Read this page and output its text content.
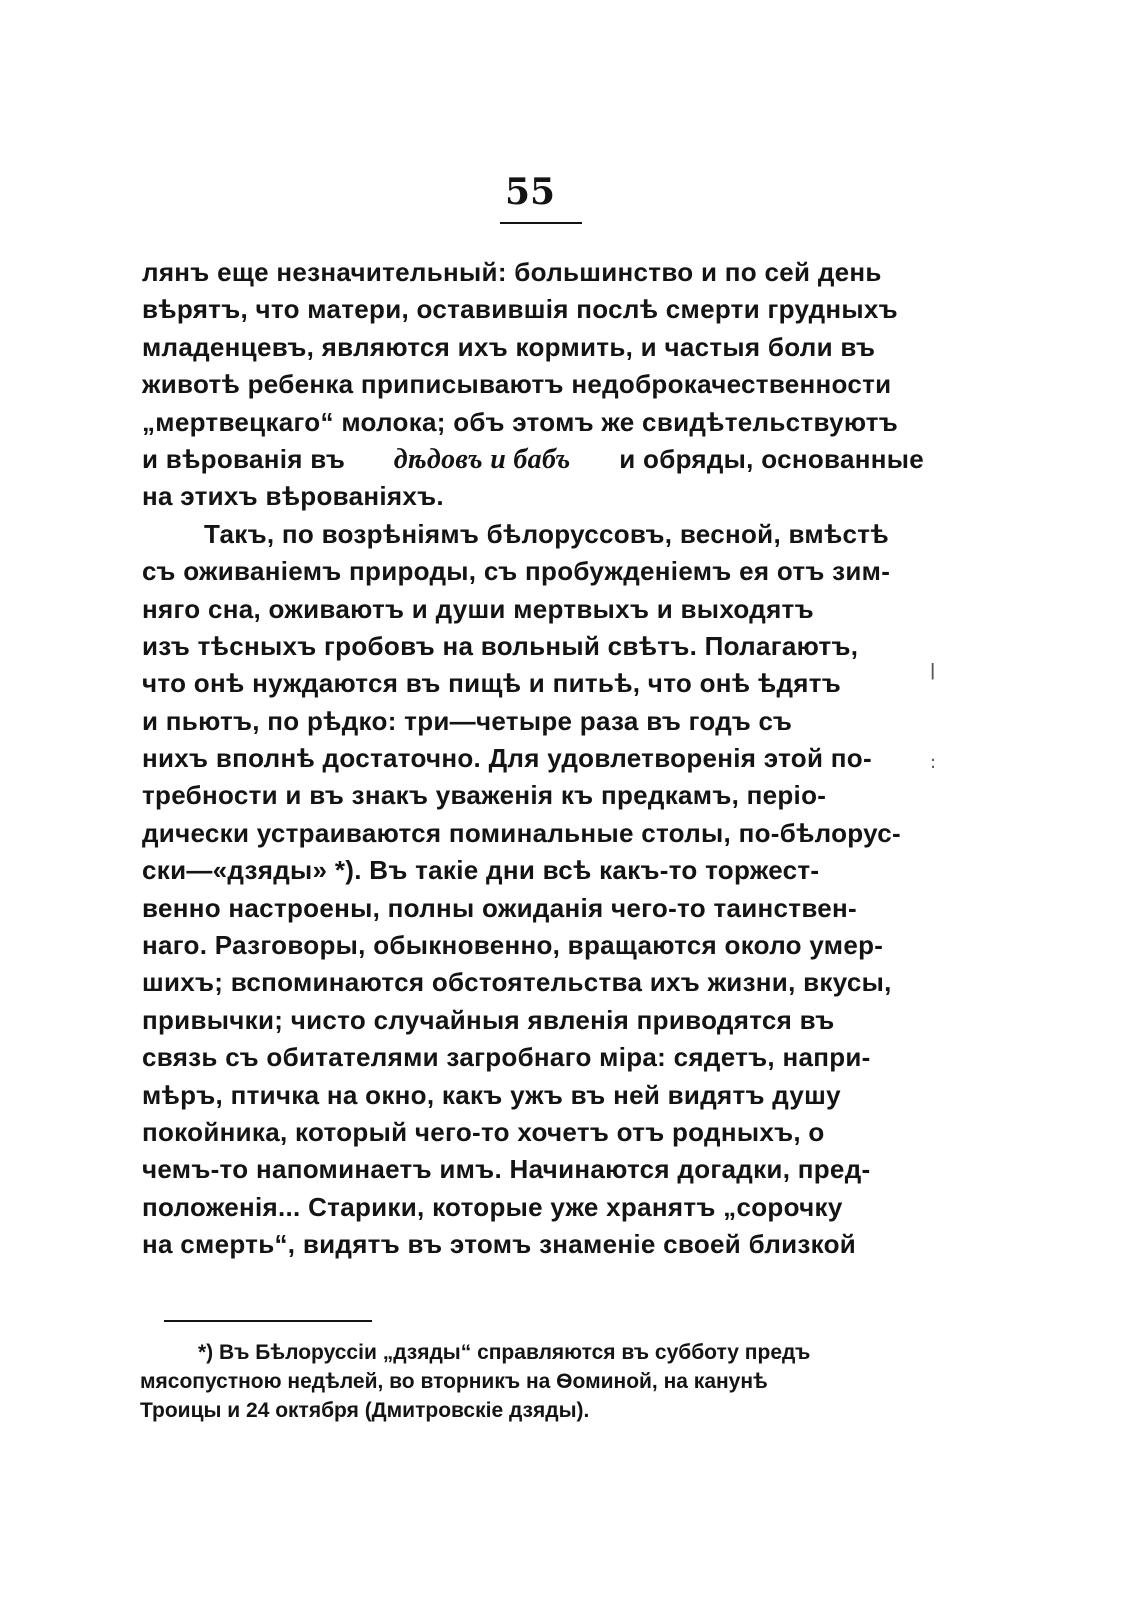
55
лянъ еще незначительный: большинство и по сей день
вѣрятъ, что матери, оставившія послѣ смерти грудныхъ
младенцевъ, являются ихъ кормить, и частыя боли въ
животѣ ребенка приписываютъ недоброкачественности
„мертвецкаго“ молока; объ этомъ же свидѣтельствуютъ
и вѣрованія въ дѣдовъ и бабъ и обряды, основанные
на этихъ вѣрованіяхъ.
Такъ, по возрѣніямъ бѣлоруссовъ, весной, вмѣстѣ
съ оживаніемъ природы, съ пробужденіемъ ея отъ зим-
няго сна, оживаютъ и души мертвыхъ и выходятъ
изъ тѣсныхъ гробовъ на вольный свѣтъ. Полагаютъ,
что онѣ нуждаются въ пищѣ и питьѣ, что онѣ ѣдятъ
и пьютъ, по рѣдко: три—четыре раза въ годъ съ
нихъ вполнѣ достаточно. Для удовлетворенія этой по-
требности и въ знакъ уваженія къ предкамъ, періо-
дически устраиваются поминальные столы, по-бѣлорус-
ски—«дзяды» *). Въ такіе дни всѣ какъ-то торжест-
венно настроены, полны ожиданія чего-то таинствен-
наго. Разговоры, обыкновенно, вращаются около умер-
шихъ; вспоминаются обстоятельства ихъ жизни, вкусы,
привычки; чисто случайныя явленія приводятся въ
связь съ обитателями загробнаго міра: сядетъ, напри-
мѣръ, птичка на окно, какъ ужъ въ ней видятъ душу
покойника, который чего-то хочетъ отъ родныхъ, о
чемъ-то напоминаетъ имъ. Начинаются догадки, пред-
положенія... Старики, которые уже хранятъ „сорочку
на смерть“, видятъ въ этомъ знаменіе своей близкой
*) Въ Бѣлоруссіи „дзяды“ справляются въ субботу предъ
мясопустною недѣлей, во вторникъ на Ѳоминой, на канунѣ
Троицы и 24 октября (Дмитровскіе дзяды).
ǀ
:
